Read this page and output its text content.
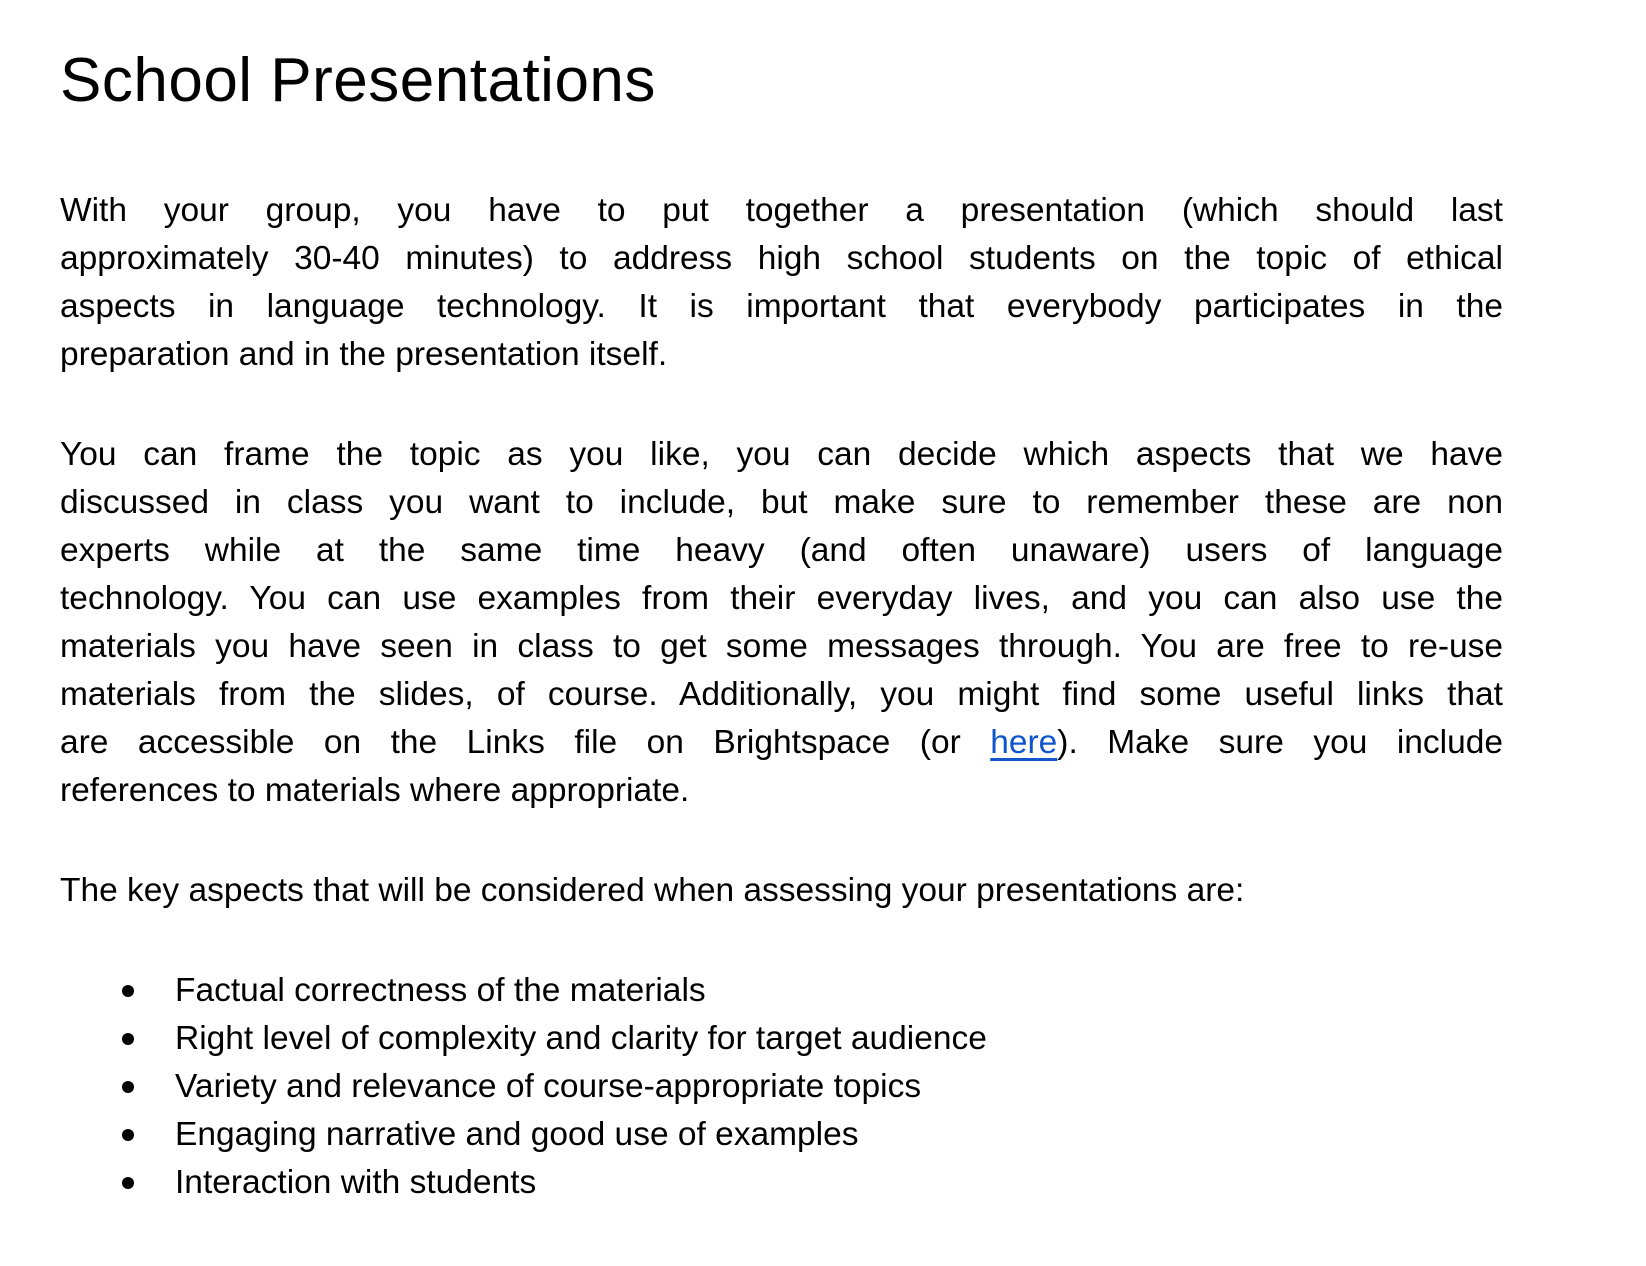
School Presentations
With your group, you have to put together a presentation (which should last
approximately 30-40 minutes) to address high school students on the topic of ethical
aspects in language technology. It is important that everybody participates in the
preparation and in the presentation itself.
You can frame the topic as you like, you can decide which aspects that we have
discussed in class you want to include, but make sure to remember these are non
experts while at the same time heavy (and often unaware) users of language
technology. You can use examples from their everyday lives, and you can also use the
materials you have seen in class to get some messages through. You are free to re-use
materials from the slides, of course. Additionally, you might find some useful links that
are accessible on the Links file on Brightspace (or here). Make sure you include
references to materials where appropriate.

The key aspects that will be considered when assessing your presentations are:

Factual correctness of the materials
Right level of complexity and clarity for target audience
Variety and relevance of course-appropriate topics
Engaging narrative and good use of examples
Interaction with students
